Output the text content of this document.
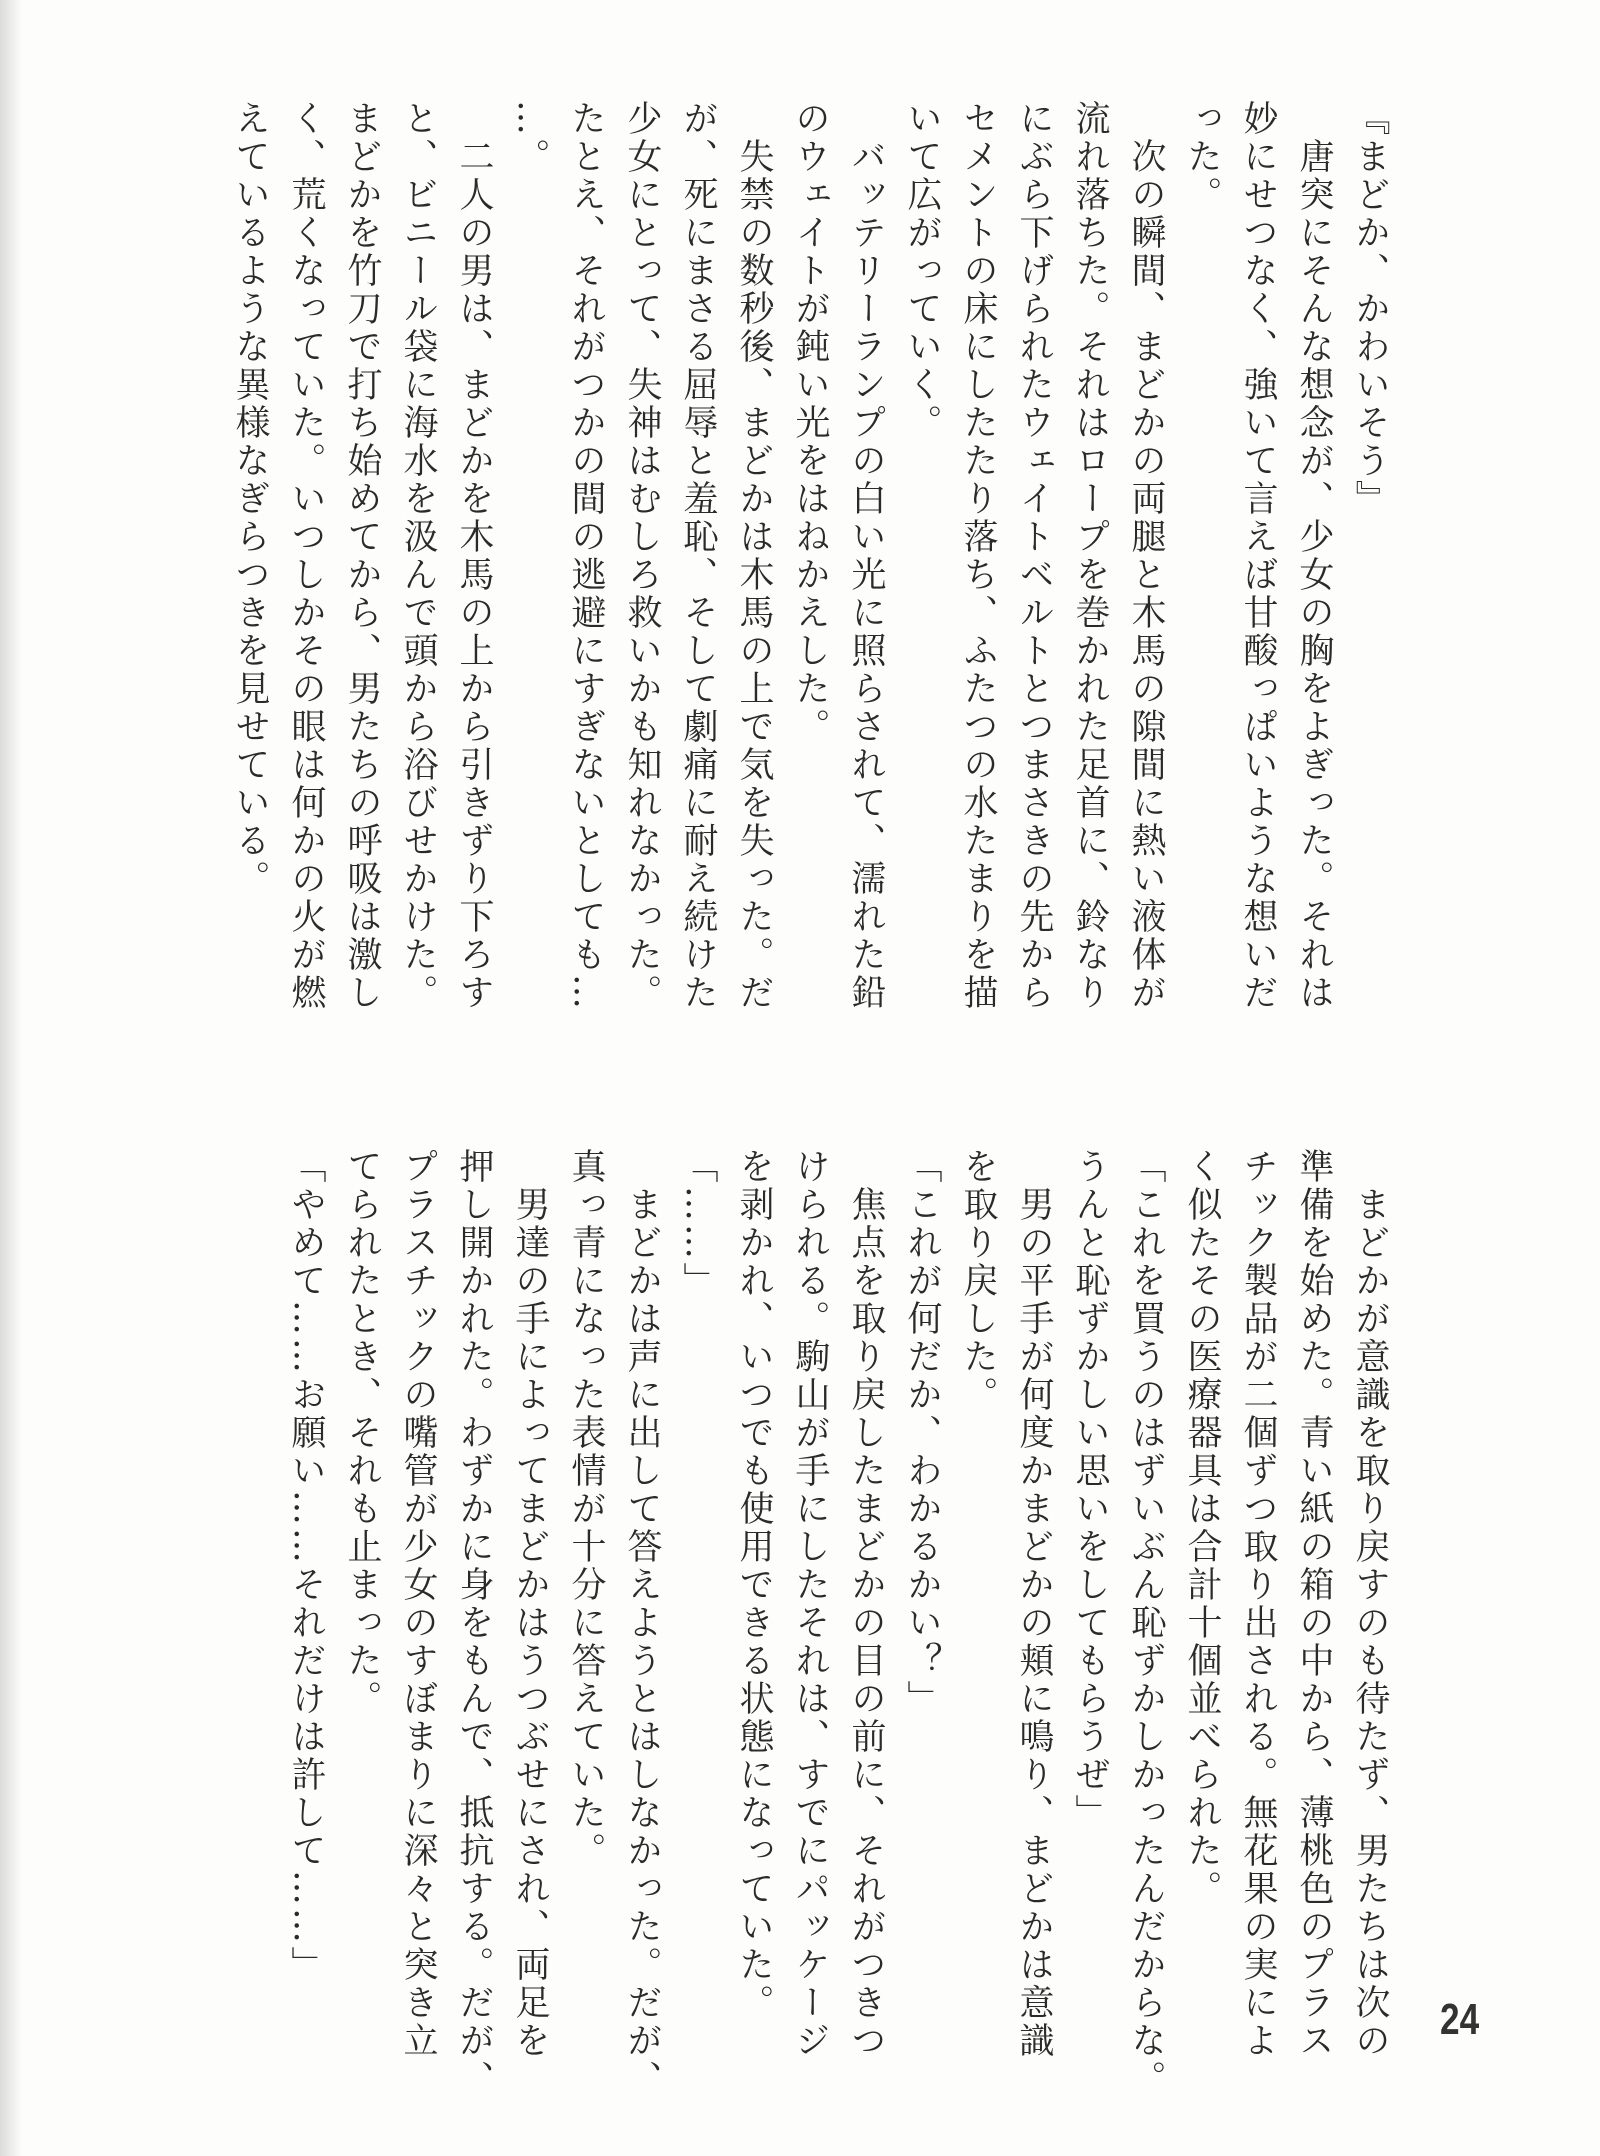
『まどか、かわいそう』
　唐突にそんな想念が、少女の胸をよぎった。それは
妙にせつなく、強いて言えば甘酸っぱいような想いだ
った。
　次の瞬間、まどかの両腿と木馬の隙間に熱い液体が
流れ落ちた。それはロープを巻かれた足首に、鈴なり
にぶら下げられたウェイトベルトとつまさきの先から
セメントの床にしたたり落ち、ふたつの水たまりを描
いて広がっていく。
　バッテリーランプの白い光に照らされて、濡れた鉛
のウェイトが鈍い光をはねかえした。
　失禁の数秒後、まどかは木馬の上で気を失った。だ
が、死にまさる屈辱と羞恥、そして劇痛に耐え続けた
少女にとって、失神はむしろ救いかも知れなかった。
たとえ、それがつかの間の逃避にすぎないとしても…
…。
　二人の男は、まどかを木馬の上から引きずり下ろす
と、ビニール袋に海水を汲んで頭から浴びせかけた。
まどかを竹刀で打ち始めてから、男たちの呼吸は激し
く、荒くなっていた。いつしかその眼は何かの火が燃
えているような異様なぎらつきを見せている。
　まどかが意識を取り戻すのも待たず、男たちは次の
準備を始めた。青い紙の箱の中から、薄桃色のプラス
チック製品が二個ずつ取り出される。無花果の実によ
く似たその医療器具は合計十個並べられた。
「これを買うのはずいぶん恥ずかしかったんだからな。
うんと恥ずかしい思いをしてもらうぜ」
　男の平手が何度かまどかの頬に鳴り、まどかは意識
を取り戻した。
「これが何だか、わかるかい？」
　焦点を取り戻したまどかの目の前に、それがつきつ
けられる。駒山が手にしたそれは、すでにパッケージ
を剥かれ、いつでも使用できる状態になっていた。
「……」
　まどかは声に出して答えようとはしなかった。だが、
真っ青になった表情が十分に答えていた。
　男達の手によってまどかはうつぶせにされ、両足を
押し開かれた。わずかに身をもんで、抵抗する。だが、
プラスチックの嘴管が少女のすぼまりに深々と突き立
てられたとき、それも止まった。
「やめて……お願い……それだけは許して……」
24
